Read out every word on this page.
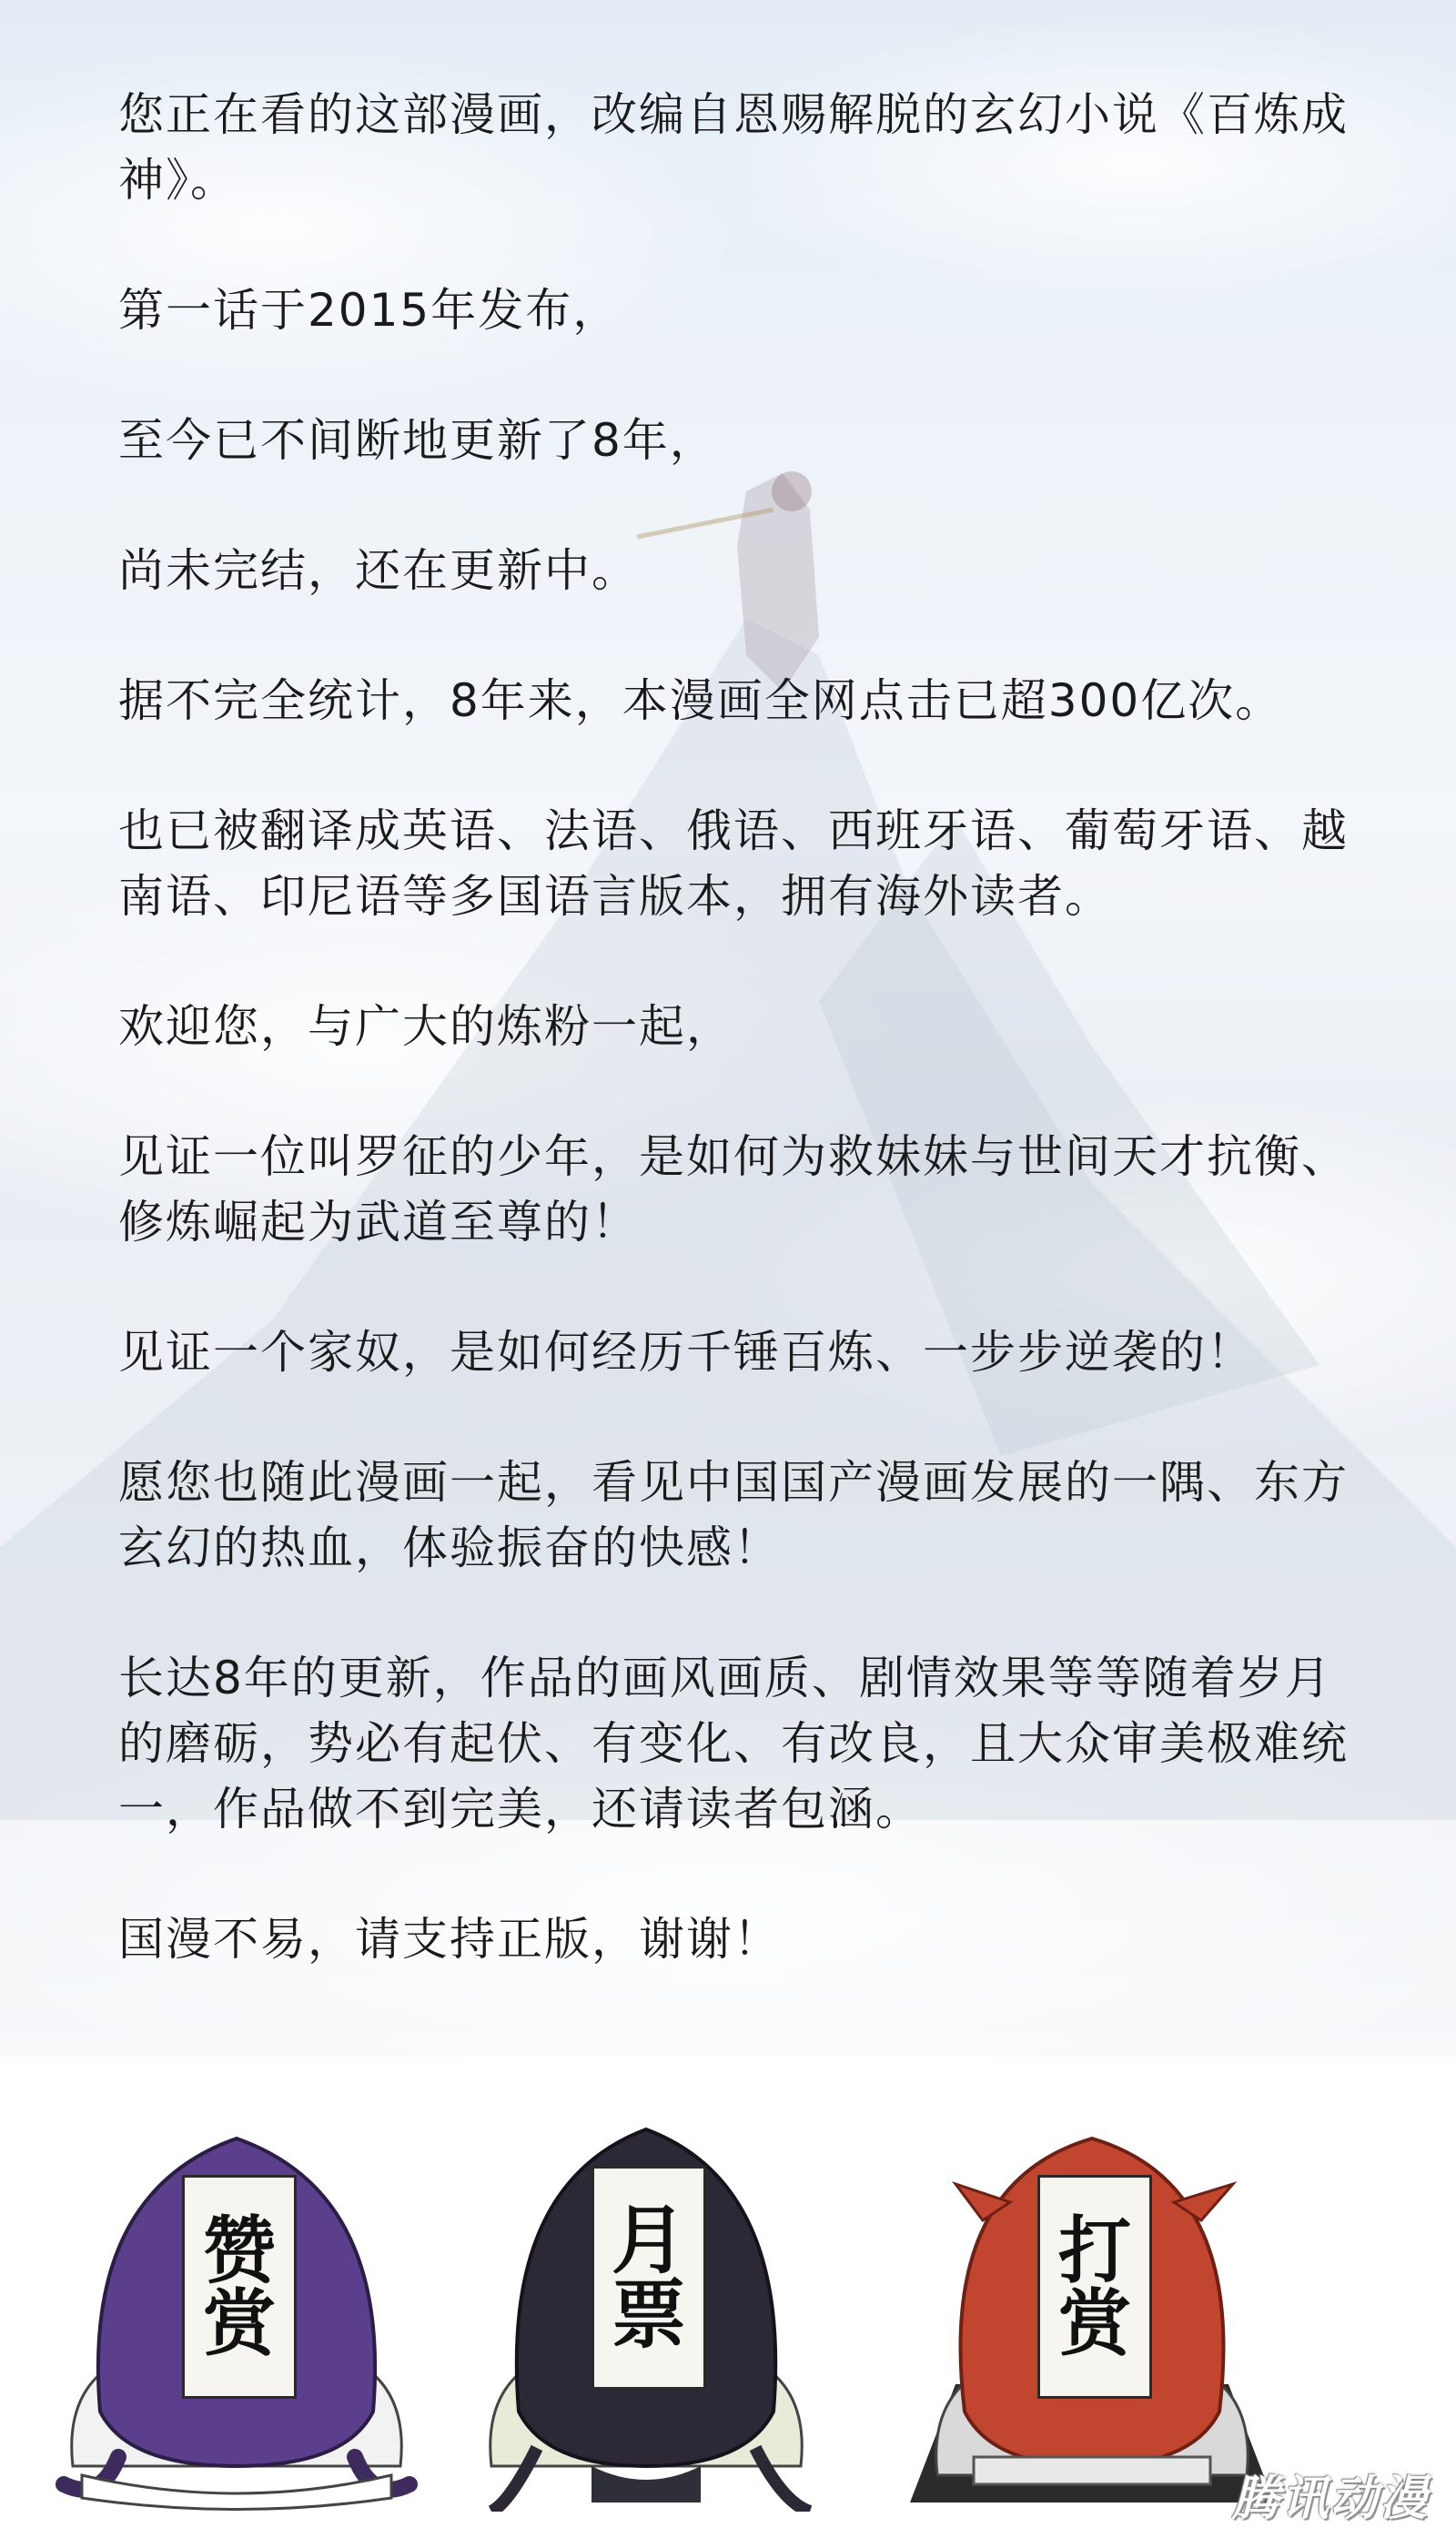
您正在看的这部漫画，改编自恩赐解脱的玄幻小说《百炼成神》。

第一话于2015年发布，

至今已不间断地更新了8年，

尚未完结，还在更新中。

据不完全统计，8年来，本漫画全网点击已超300亿次。

也已被翻译成英语、法语、俄语、西班牙语、葡萄牙语、越南语、印尼语等多国语言版本，拥有海外读者。

欢迎您，与广大的炼粉一起，

见证一位叫罗征的少年，是如何为救妹妹与世间天才抗衡、修炼崛起为武道至尊的！

见证一个家奴，是如何经历千锤百炼、一步步逆袭的！

愿您也随此漫画一起，看见中国国产漫画发展的一隅、东方玄幻的热血，体验振奋的快感！

长达8年的更新，作品的画风画质、剧情效果等等随着岁月的磨砺，势必有起伏、有变化、有改良，且大众审美极难统一，作品做不到完美，还请读者包涵。

国漫不易，请支持正版，谢谢！

赞
赏
月
票
打
赏
腾讯动漫
